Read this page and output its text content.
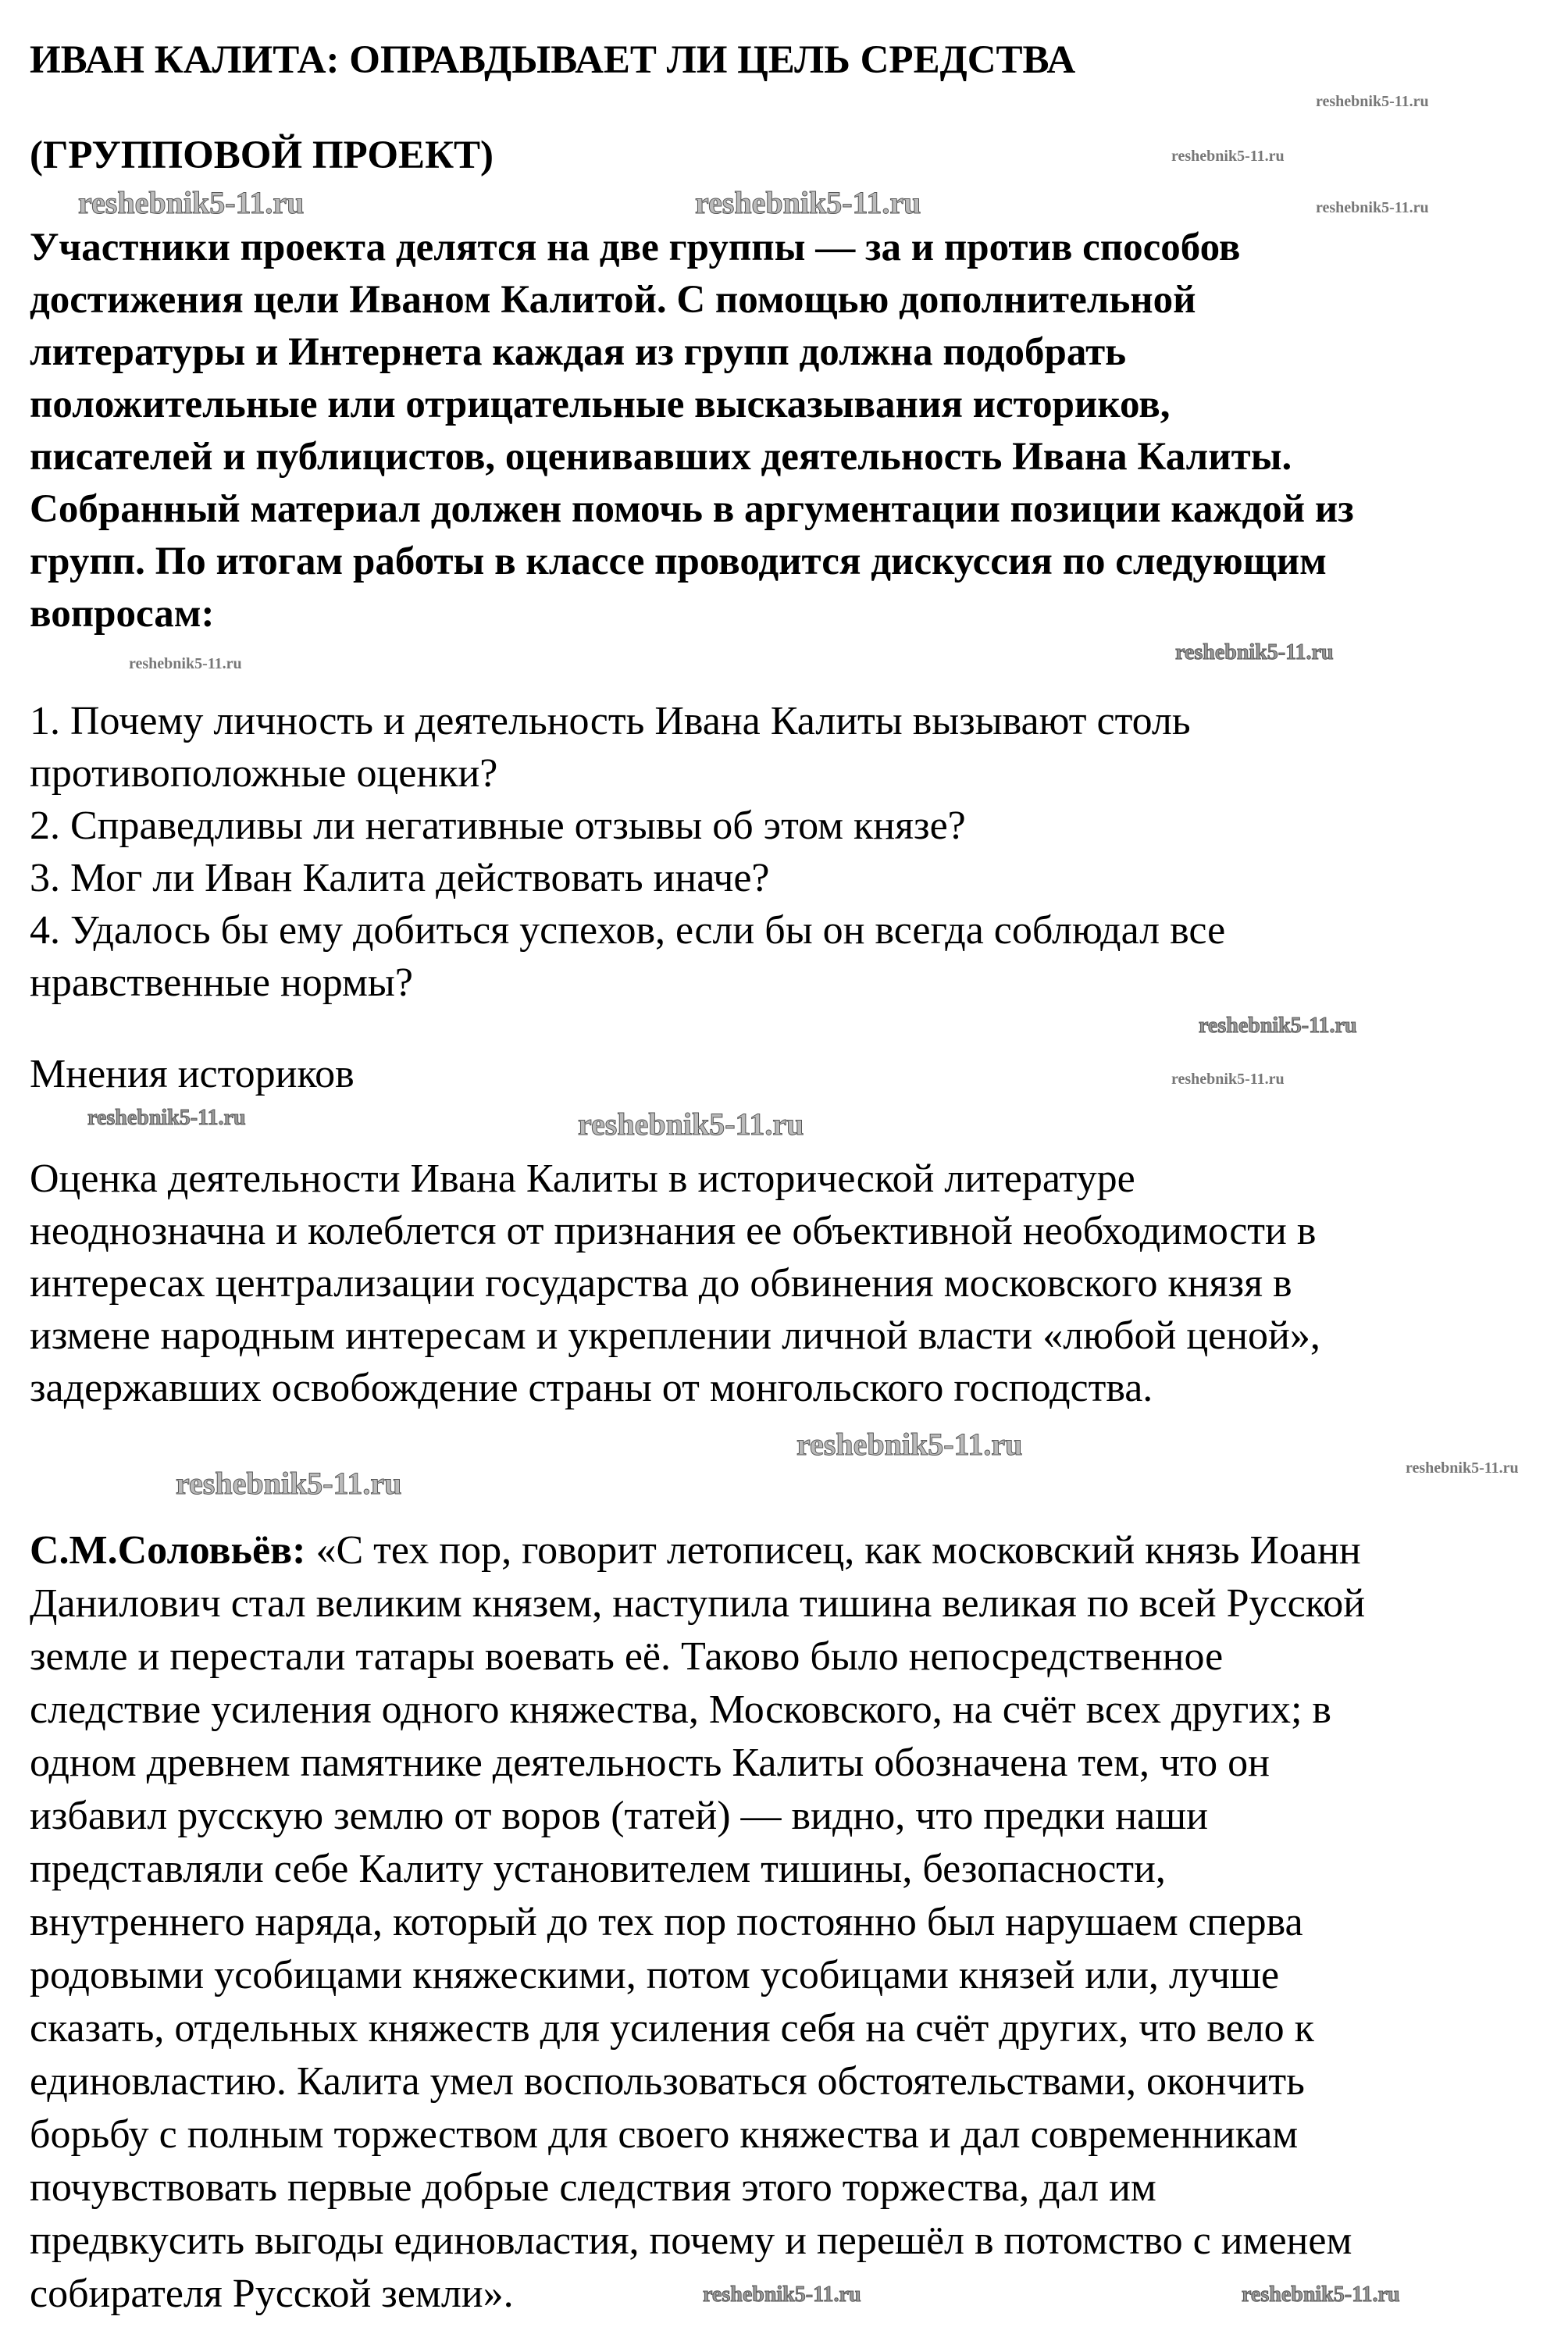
ИВАН КАЛИТА: ОПРАВДЫВАЕТ ЛИ ЦЕЛЬ СРЕДСТВА
(ГРУППОВОЙ ПРОЕКТ)
Участники проекта делятся на две группы — за и против способов
достижения цели Иваном Калитой. С помощью дополнительной
литературы и Интернета каждая из групп должна подобрать
положительные или отрицательные высказывания историков,
писателей и публицистов, оценивавших деятельность Ивана Калиты.
Собранный материал должен помочь в аргументации позиции каждой из
групп. По итогам работы в классе проводится дискуссия по следующим
вопросам:
1. Почему личность и деятельность Ивана Калиты вызывают столь
противоположные оценки?
2. Справедливы ли негативные отзывы об этом князе?
3. Мог ли Иван Калита действовать иначе?
4. Удалось бы ему добиться успехов, если бы он всегда соблюдал все
нравственные нормы?
Мнения историков
Оценка деятельности Ивана Калиты в исторической литературе
неоднозначна и колеблется от признания ее объективной необходимости в
интересах централизации государства до обвинения московского князя в
измене народным интересам и укреплении личной власти «любой ценой»,
задержавших освобождение страны от монгольского господства.
С.М.Соловьёв: «С тех пор, говорит летописец, как московский князь Иоанн
Данилович стал великим князем, наступила тишина великая по всей Русской
земле и перестали татары воевать её. Таково было непосредственное
следствие усиления одного княжества, Московского, на счёт всех других; в
одном древнем памятнике деятельность Калиты обозначена тем, что он
избавил русскую землю от воров (татей) — видно, что предки наши
представляли себе Калиту установителем тишины, безопасности,
внутреннего наряда, который до тех пор постоянно был нарушаем сперва
родовыми усобицами княжескими, потом усобицами князей или, лучше
сказать, отдельных княжеств для усиления себя на счёт других, что вело к
единовластию. Калита умел воспользоваться обстоятельствами, окончить
борьбу с полным торжеством для своего княжества и дал современникам
почувствовать первые добрые следствия этого торжества, дал им
предвкусить выгоды единовластия, почему и перешёл в потомство с именем
собирателя Русской земли».
reshebnik5-11.ru
reshebnik5-11.ru	reshebnik5-11.ru	reshebnik5-11.ru
reshebnik5-11.ru
reshebnik5-11.ru
reshebnik5-11.ru
reshebnik5-11.ru	reshebnik5-11.ru
reshebnik5-11.ru
reshebnik5-11.ru	reshebnik5-11.ru
reshebnik5-11.ru	reshebnik5-11.ru
reshebnik5-11.ru
reshebnik5-11.ru
